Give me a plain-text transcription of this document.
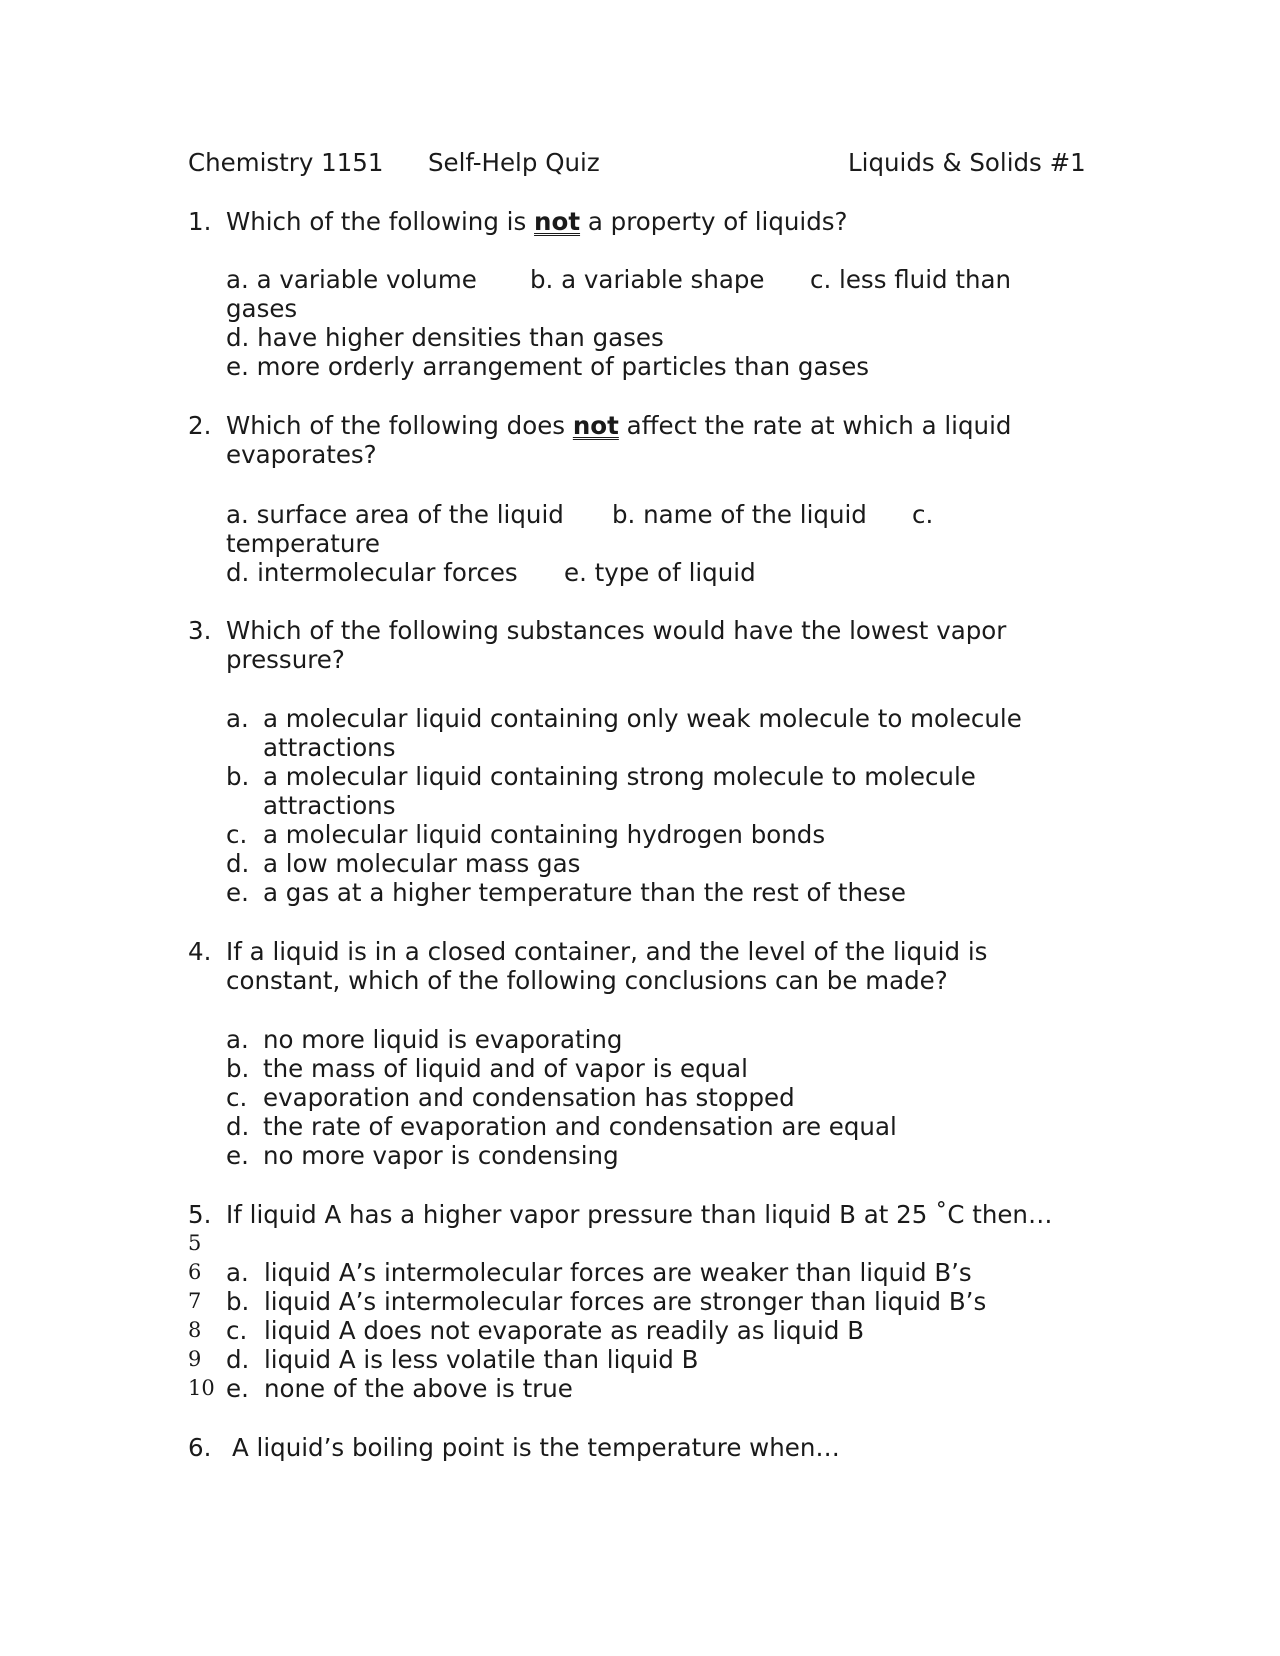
Chemistry 1151 Self-Help Quiz	Liquids & Solids #1
1. Which of the following is not a property of liquids?
a. a variable volume b. a variable shape c. less fluid than
gases
d. have higher densities than gases
e. more orderly arrangement of particles than gases
2. Which of the following does not affect the rate at which a liquid
evaporates?
a. surface area of the liquid b. name of the liquid c.
temperature
d. intermolecular forces e. type of liquid
3. Which of the following substances would have the lowest vapor
pressure?
a. a molecular liquid containing only weak molecule to molecule
attractions
b. a molecular liquid containing strong molecule to molecule
attractions
c. a molecular liquid containing hydrogen bonds
d. a low molecular mass gas
e. a gas at a higher temperature than the rest of these
4. If a liquid is in a closed container, and the level of the liquid is
constant, which of the following conclusions can be made?
a. no more liquid is evaporating
b. the mass of liquid and of vapor is equal
c. evaporation and condensation has stopped
d. the rate of evaporation and condensation are equal
e. no more vapor is condensing
5. If liquid A has a higher vapor pressure than liquid B at 25 ˚C then…
5
6
7
8
9
10
a. liquid A’s intermolecular forces are weaker than liquid B’s
b. liquid A’s intermolecular forces are stronger than liquid B’s
c. liquid A does not evaporate as readily as liquid B
d. liquid A is less volatile than liquid B
e. none of the above is true
6. A liquid’s boiling point is the temperature when…
